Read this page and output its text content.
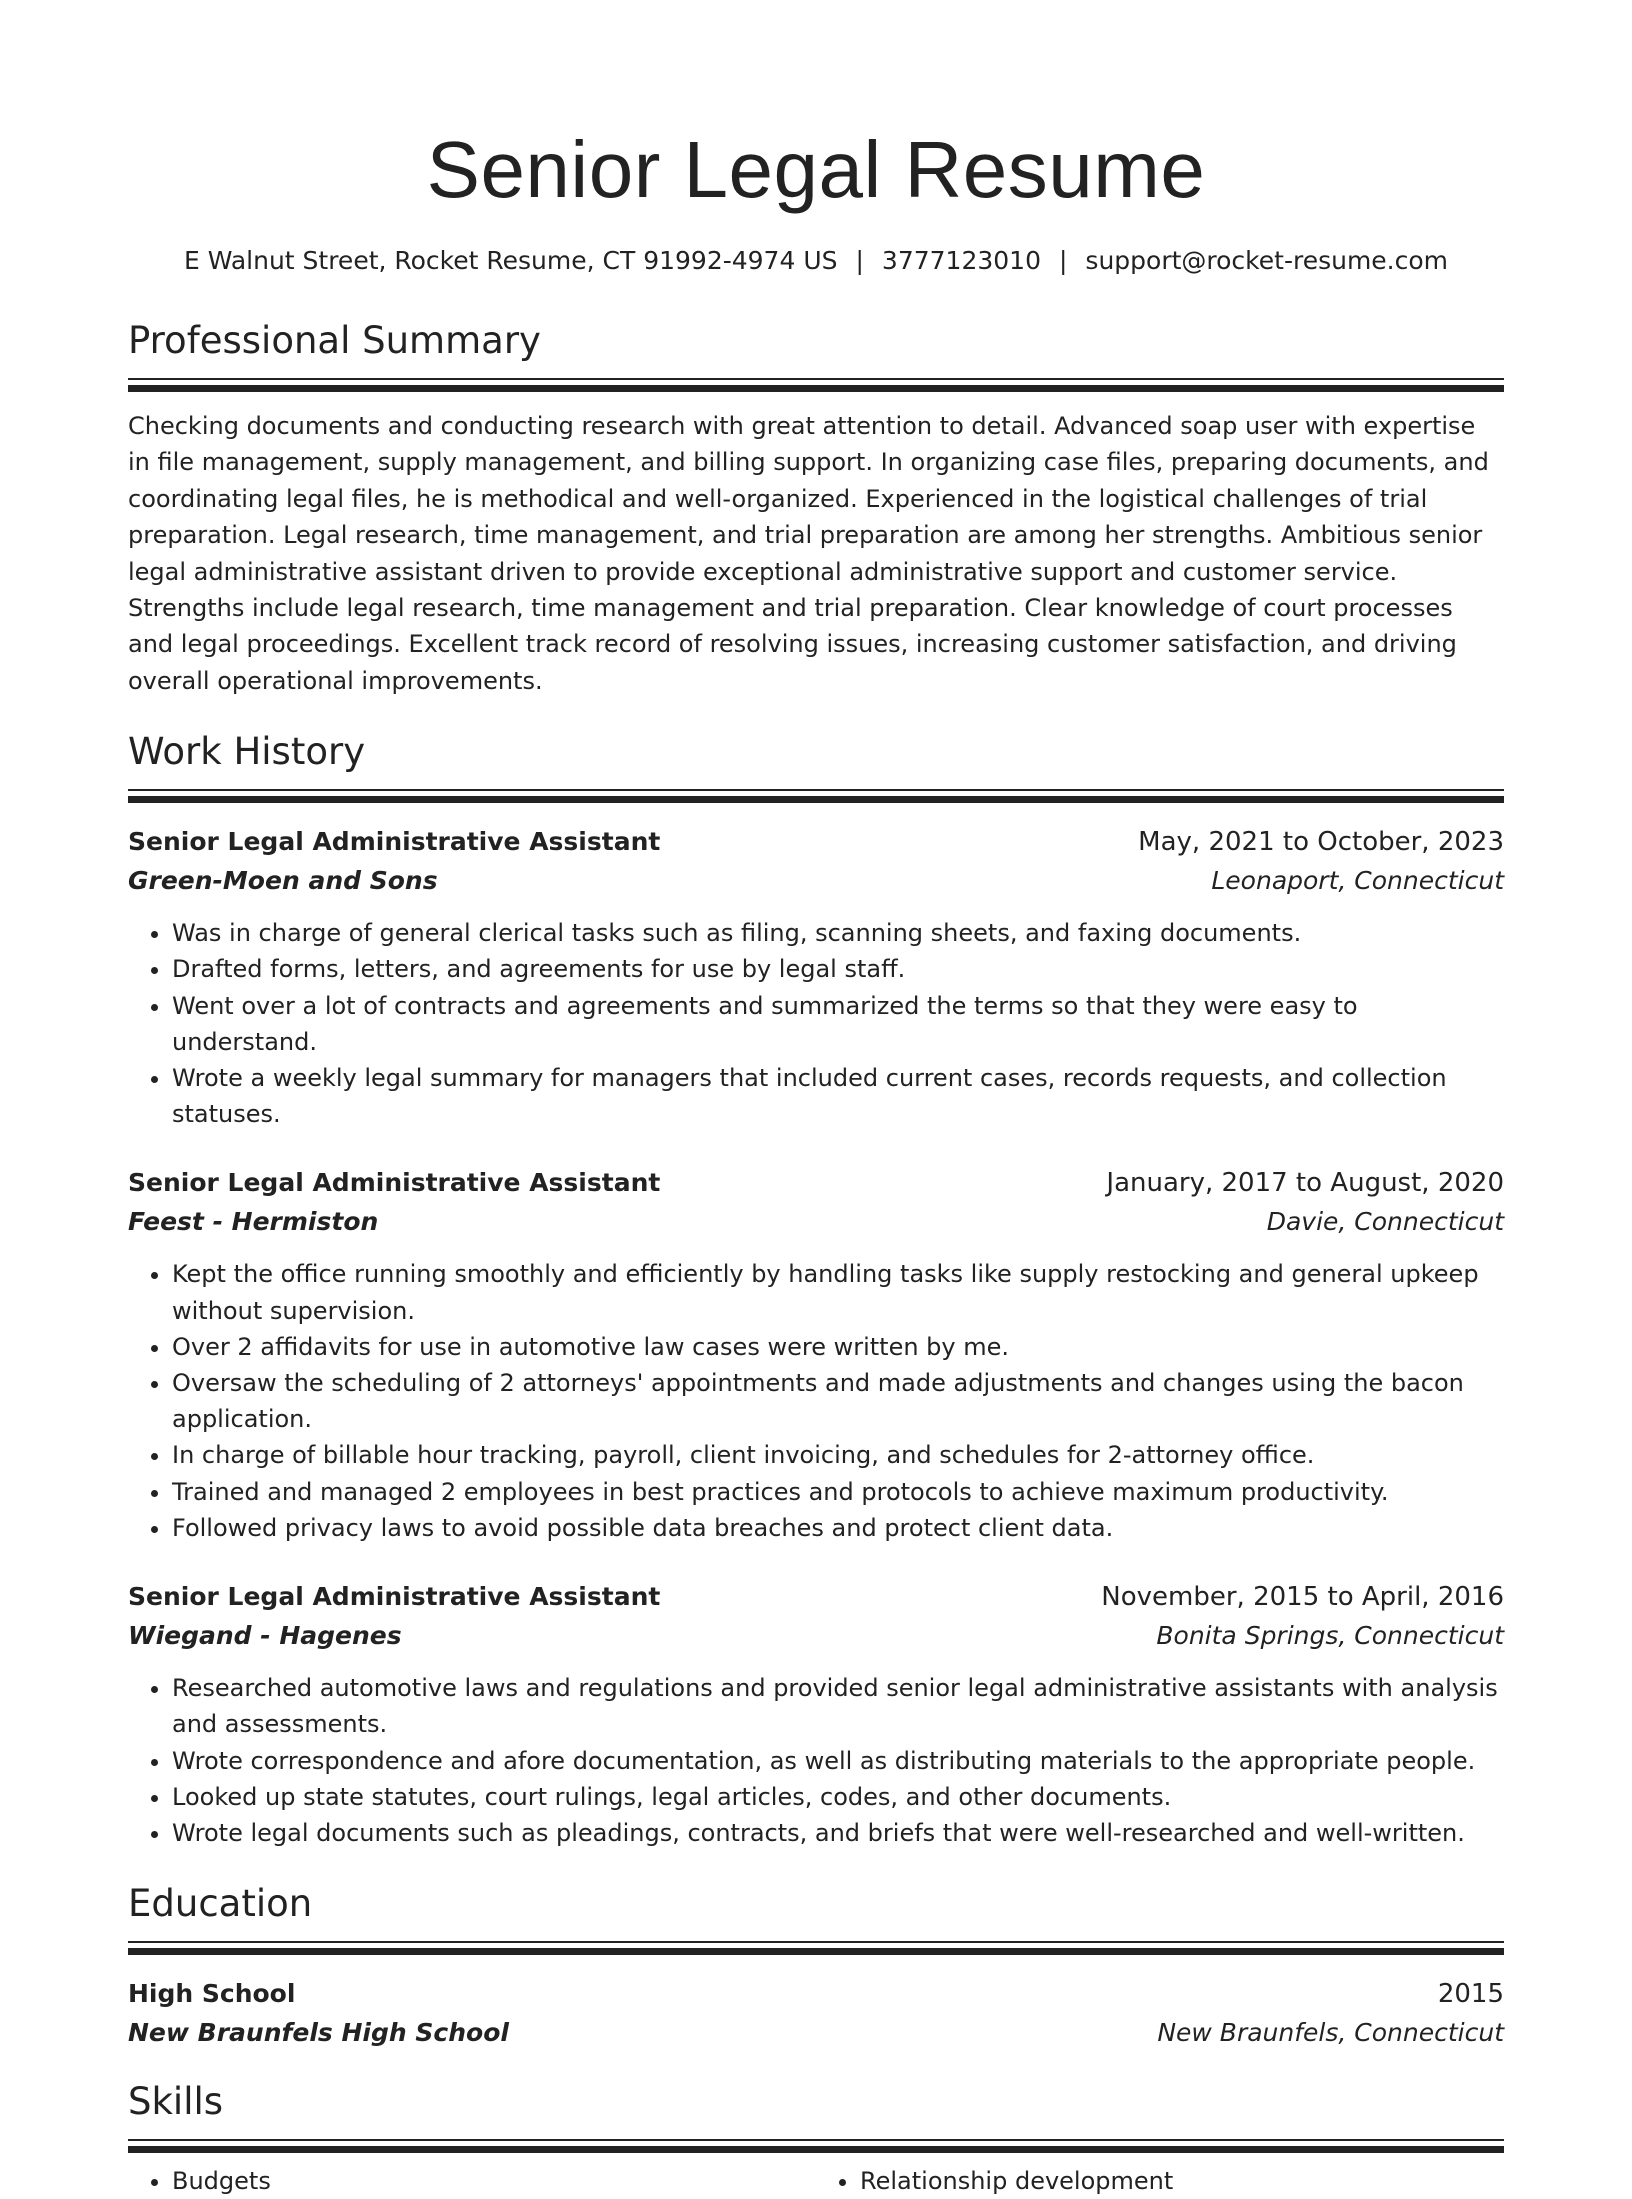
Senior Legal Resume
E Walnut Street, Rocket Resume, CT 91992-4974 US | 3777123010 | support@rocket-resume.com
Professional Summary
Checking documents and conducting research with great attention to detail. Advanced soap user with expertise in file management, supply management, and billing support. In organizing case files, preparing documents, and coordinating legal files, he is methodical and well-organized. Experienced in the logistical challenges of trial preparation. Legal research, time management, and trial preparation are among her strengths. Ambitious senior legal administrative assistant driven to provide exceptional administrative support and customer service. Strengths include legal research, time management and trial preparation. Clear knowledge of court processes and legal proceedings. Excellent track record of resolving issues, increasing customer satisfaction, and driving overall operational improvements.
Work History
Senior Legal Administrative Assistant	May, 2021 to October, 2023
Green-Moen and Sons	Leonaport, Connecticut
• Was in charge of general clerical tasks such as filing, scanning sheets, and faxing documents.
• Drafted forms, letters, and agreements for use by legal staff.
• Went over a lot of contracts and agreements and summarized the terms so that they were easy to understand.
• Wrote a weekly legal summary for managers that included current cases, records requests, and collection statuses.
Senior Legal Administrative Assistant	January, 2017 to August, 2020
Feest - Hermiston	Davie, Connecticut
• Kept the office running smoothly and efficiently by handling tasks like supply restocking and general upkeep without supervision.
• Over 2 affidavits for use in automotive law cases were written by me.
• Oversaw the scheduling of 2 attorneys' appointments and made adjustments and changes using the bacon application.
• In charge of billable hour tracking, payroll, client invoicing, and schedules for 2-attorney office.
• Trained and managed 2 employees in best practices and protocols to achieve maximum productivity.
• Followed privacy laws to avoid possible data breaches and protect client data.
Senior Legal Administrative Assistant	November, 2015 to April, 2016
Wiegand - Hagenes	Bonita Springs, Connecticut
• Researched automotive laws and regulations and provided senior legal administrative assistants with analysis and assessments.
• Wrote correspondence and afore documentation, as well as distributing materials to the appropriate people.
• Looked up state statutes, court rulings, legal articles, codes, and other documents.
• Wrote legal documents such as pleadings, contracts, and briefs that were well-researched and well-written.
Education
High School	2015
New Braunfels High School	New Braunfels, Connecticut
Skills
• Budgets
•	Relationship development
